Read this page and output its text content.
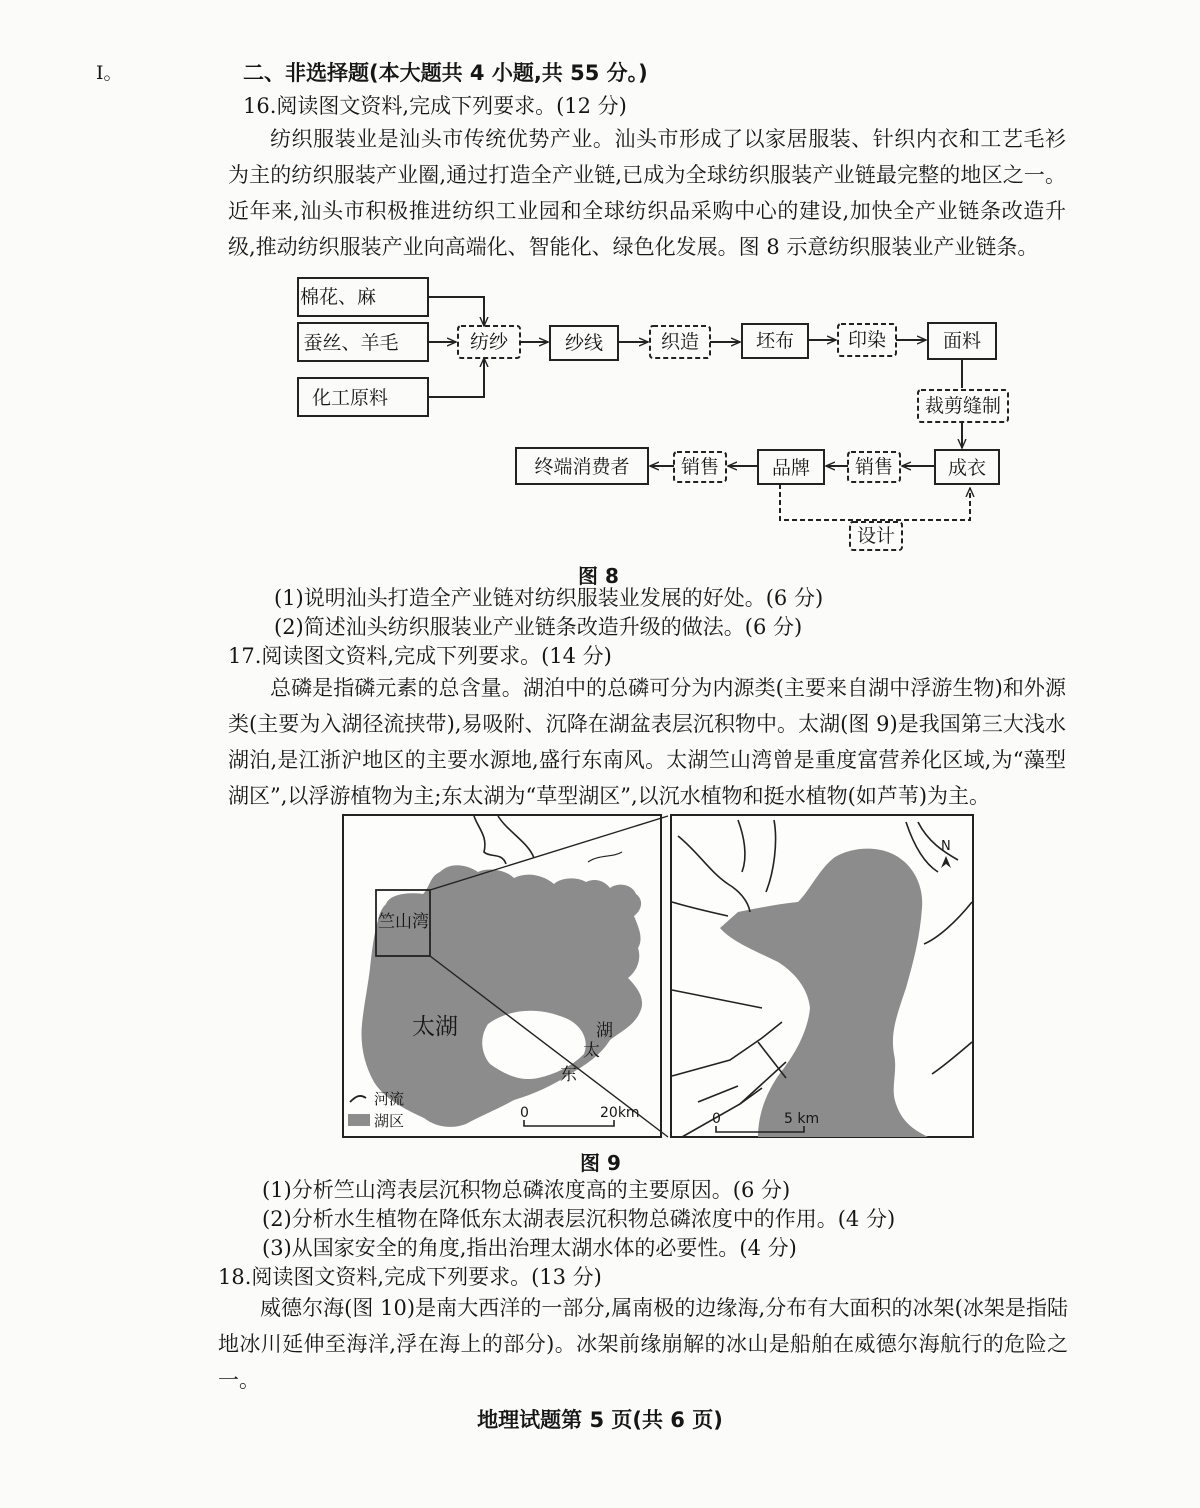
I。	二、非选择题(本大题共 4 小题,共 55 分。)
16.阅读图文资料,完成下列要求。(12 分)
纺织服装业是汕头市传统优势产业。汕头市形成了以家居服装、针织内衣和工艺毛衫为主的纺织服装产业圈,通过打造全产业链,已成为全球纺织服装产业链最完整的地区之一。近年来,汕头市积极推进纺织工业园和全球纺织品采购中心的建设,加快全产业链条改造升级,推动纺织服装产业向高端化、智能化、绿色化发展。图 8 示意纺织服装业产业链条。
棉花、麻
蚕丝、羊毛
化工原料
纺纱	纱线	织造	坯布	印染	面料
裁剪缝制
成衣
销售
品牌
销售
终端消费者
设计
图 8
(1)说明汕头打造全产业链对纺织服装业发展的好处。(6 分)
(2)简述汕头纺织服装业产业链条改造升级的做法。(6 分)
17.阅读图文资料,完成下列要求。(14 分)
总磷是指磷元素的总含量。湖泊中的总磷可分为内源类(主要来自湖中浮游生物)和外源类(主要为入湖径流挟带),易吸附、沉降在湖盆表层沉积物中。太湖(图 9)是我国第三大浅水湖泊,是江浙沪地区的主要水源地,盛行东南风。太湖竺山湾曾是重度富营养化区域,为“藻型湖区”,以浮游植物为主;东太湖为“草型湖区”,以沉水植物和挺水植物(如芦苇)为主。
竺山湾
太湖	湖
太
东
河流
湖区	0	20km	0	5 km
N
图 9
(1)分析竺山湾表层沉积物总磷浓度高的主要原因。(6 分)
(2)分析水生植物在降低东太湖表层沉积物总磷浓度中的作用。(4 分)
(3)从国家安全的角度,指出治理太湖水体的必要性。(4 分)
18.阅读图文资料,完成下列要求。(13 分)
威德尔海(图 10)是南大西洋的一部分,属南极的边缘海,分布有大面积的冰架(冰架是指陆地冰川延伸至海洋,浮在海上的部分)。冰架前缘崩解的冰山是船舶在威德尔海航行的危险之一。
地理试题第 5 页(共 6 页)
